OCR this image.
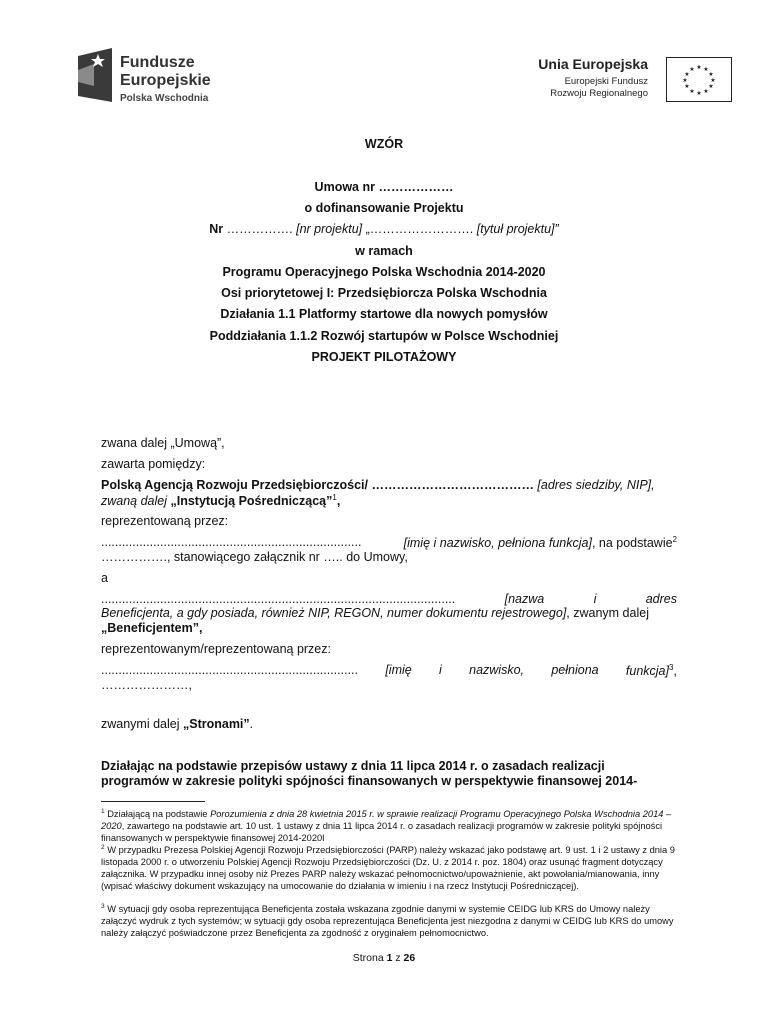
Fundusze
Europejskie
Polska Wschodnia
Unia Europejska
Europejski Fundusz
Rozwoju Regionalnego
★ ★
★
★
★
★
★
★
★
★
★
★
WZÓR
Umowa nr ………………
o dofinansowanie Projektu
Nr ……………. [nr projektu] „……………………. [tytuł projektu]”
w ramach
Programu Operacyjnego Polska Wschodnia 2014-2020
Osi priorytetowej I: Przedsiębiorcza Polska Wschodnia
Działania 1.1 Platformy startowe dla nowych pomysłów
Poddziałania 1.1.2 Rozwój startupów w Polsce Wschodniej
PROJEKT PILOTAŻOWY
zwana dalej „Umową”,
zawarta pomiędzy:
Polską Agencją Rozwoju Przedsiębiorczości/ ………………………………… [adres siedziby, NIP],
zwaną dalej „Instytucją Pośredniczącą”$^1$,
reprezentowaną przez:
...........................................................................	[imię i nazwisko, pełniona funkcja], na podstawie$^2$
……………., stanowiącego załącznik nr ….. do Umowy,
a
......................................................................................................	[nazwa	i	adres
Beneficjenta, a gdy posiada, również NIP, REGON, numer dokumentu rejestrowego], zwanym dalej
„Beneficjentem”,
reprezentowanym/reprezentowaną przez:
.......................................................................... [imię i nazwisko, pełniona funkcja]$^3$,
…………………,
zwanymi dalej „Stronami”.
Działając na podstawie przepisów ustawy z dnia 11 lipca 2014 r. o zasadach realizacji
programów w zakresie polityki spójności finansowanych w perspektywie finansowej 2014-
$^1$ Działającą na podstawie Porozumienia z dnia 28 kwietnia 2015 r. w sprawie realizacji Programu Operacyjnego Polska Wschodnia 2014 – 2020, zawartego na podstawie art. 10 ust. 1 ustawy z dnia 11 lipca 2014 r. o zasadach realizacji programów w zakresie polityki spójności finansowanych w perspektywie finansowej 2014-2020l
$^2$ W przypadku Prezesa Polskiej Agencji Rozwoju Przedsiębiorczości (PARP) należy wskazać jako podstawę art. 9 ust. 1 i 2 ustawy z dnia 9 listopada 2000 r. o utworzeniu Polskiej Agencji Rozwoju Przedsiębiorczości (Dz. U. z 2014 r. poz. 1804) oraz usunąć fragment dotyczący załącznika. W przypadku innej osoby niż Prezes PARP należy wskazać pełnomocnictwo/upoważnienie, akt powołania/mianowania, inny (wpisać właściwy dokument wskazujący na umocowanie do działania w imieniu i na rzecz Instytucji Pośredniczącej).
$^3$ W sytuacji gdy osoba reprezentująca Beneficjenta została wskazana zgodnie danymi w systemie CEIDG lub KRS do Umowy należy załączyć wydruk z tych systemów; w sytuacji gdy osoba reprezentująca Beneficjenta jest niezgodna z danymi w CEIDG lub KRS do umowy należy załączyć poświadczone przez Beneficjenta za zgodność z oryginałem pełnomocnictwo.
Strona 1 z 26
